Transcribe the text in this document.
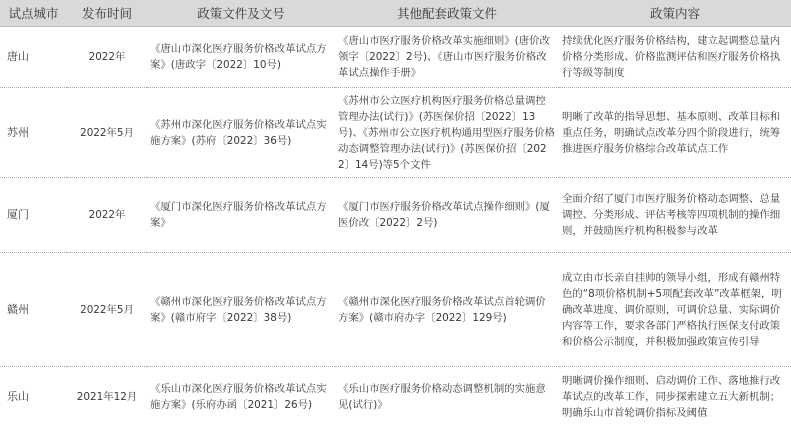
试点城市	发布时间	政策文件及文号	其他配套政策文件	政策内容
唐山	2022年	《唐山市深化医疗服务价格改革试点方案》(唐政字〔2022〕10号)	《唐山市医疗服务价格改革实施细则》(唐价改领字〔2022〕2号)、《唐山市医疗服务价格改革试点操作手册》	持续优化医疗服务价格结构，建立起调整总量内价格分类形成、价格监测评估和医疗服务价格执行等级等制度
苏州	2022年5月	《苏州市深化医疗服务价格改革试点实施方案》(苏府〔2022〕36号)	《苏州市公立医疗机构医疗服务价格总量调控管理办法(试行)》(苏医保价招〔2022〕13号)、《苏州市公立医疗机构通用型医疗服务价格动态调整管理办法(试行)》(苏医保价招〔2022〕14号)等5个文件	明晰了改革的指导思想、基本原则、改革目标和重点任务，明确试点改革分四个阶段进行，统筹推进医疗服务价格综合改革试点工作
厦门	2022年	《厦门市深化医疗服务价格改革试点方案》	《厦门市医疗服务价格改革试点操作细则》(厦医价改〔2022〕2号)	全面介绍了厦门市医疗服务价格动态调整、总量调控、分类形成、评估考核等四项机制的操作细则，并鼓励医疗机构积极参与改革
赣州	2022年5月	《赣州市深化医疗服务价格改革试点方案》(赣市府字〔2022〕38号)	《赣州市深化医疗服务价格改革试点首轮调价方案》(赣市府办字〔2022〕129号)	成立由市长亲自挂帅的领导小组，形成有赣州特色的“8项价格机制+5项配套改革”改革框架，明确改革进度、调价原则，可调价总量、实际调价内容等工作，要求各部门严格执行医保支付政策和价格公示制度，并积极加强政策宣传引导
乐山	2021年12月	《乐山市深化医疗服务价格改革试点实施方案》(乐府办函〔2021〕26号)	《乐山市医疗服务价格动态调整机制的实施意见(试行)》	明晰调价操作细则、启动调价工作、落地推行改革试点的改革工作，同步探索建立五大新机制；明确乐山市首轮调价指标及阈值
